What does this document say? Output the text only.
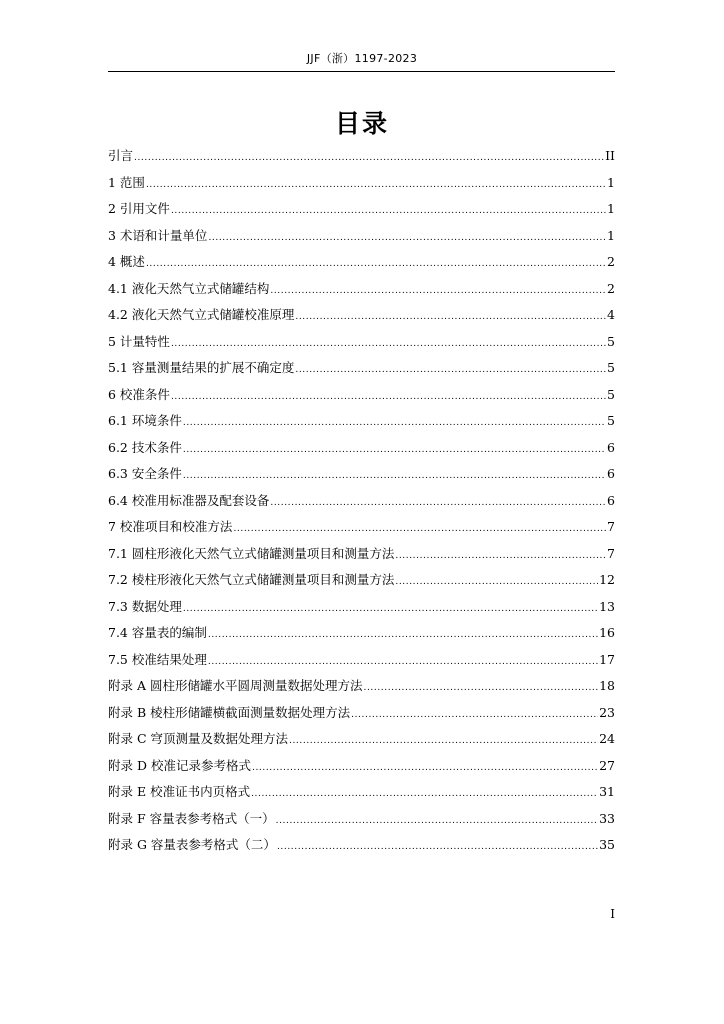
JJF（浙）1197-2023
目录
引言 .....	II
1 范围 .....	1
2 引用文件 .....	1
3 术语和计量单位 .....	1
4 概述 .....	2
4.1 液化天然气立式储罐结构 .....	2
4.2 液化天然气立式储罐校准原理 .....	4
5 计量特性 .....	5
5.1 容量测量结果的扩展不确定度 .....	5
6 校准条件 .....	5
6.1 环境条件 .....	5
6.2 技术条件 .....	6
6.3 安全条件 .....	6
6.4 校准用标准器及配套设备 .....	6
7 校准项目和校准方法 .....	7
7.1 圆柱形液化天然气立式储罐测量项目和测量方法 .....	7
7.2 棱柱形液化天然气立式储罐测量项目和测量方法 .....	12
7.3 数据处理 .....	13
7.4 容量表的编制 .....	16
7.5 校准结果处理 .....	17
附录 A 圆柱形储罐水平圆周测量数据处理方法 .....	18
附录 B 棱柱形储罐横截面测量数据处理方法 .....	23
附录 C 穹顶测量及数据处理方法 .....	24
附录 D 校准记录参考格式 .....	27
附录 E 校准证书内页格式 .....	31
附录 F 容量表参考格式（一） .....	33
附录 G 容量表参考格式（二） .....	35
I
